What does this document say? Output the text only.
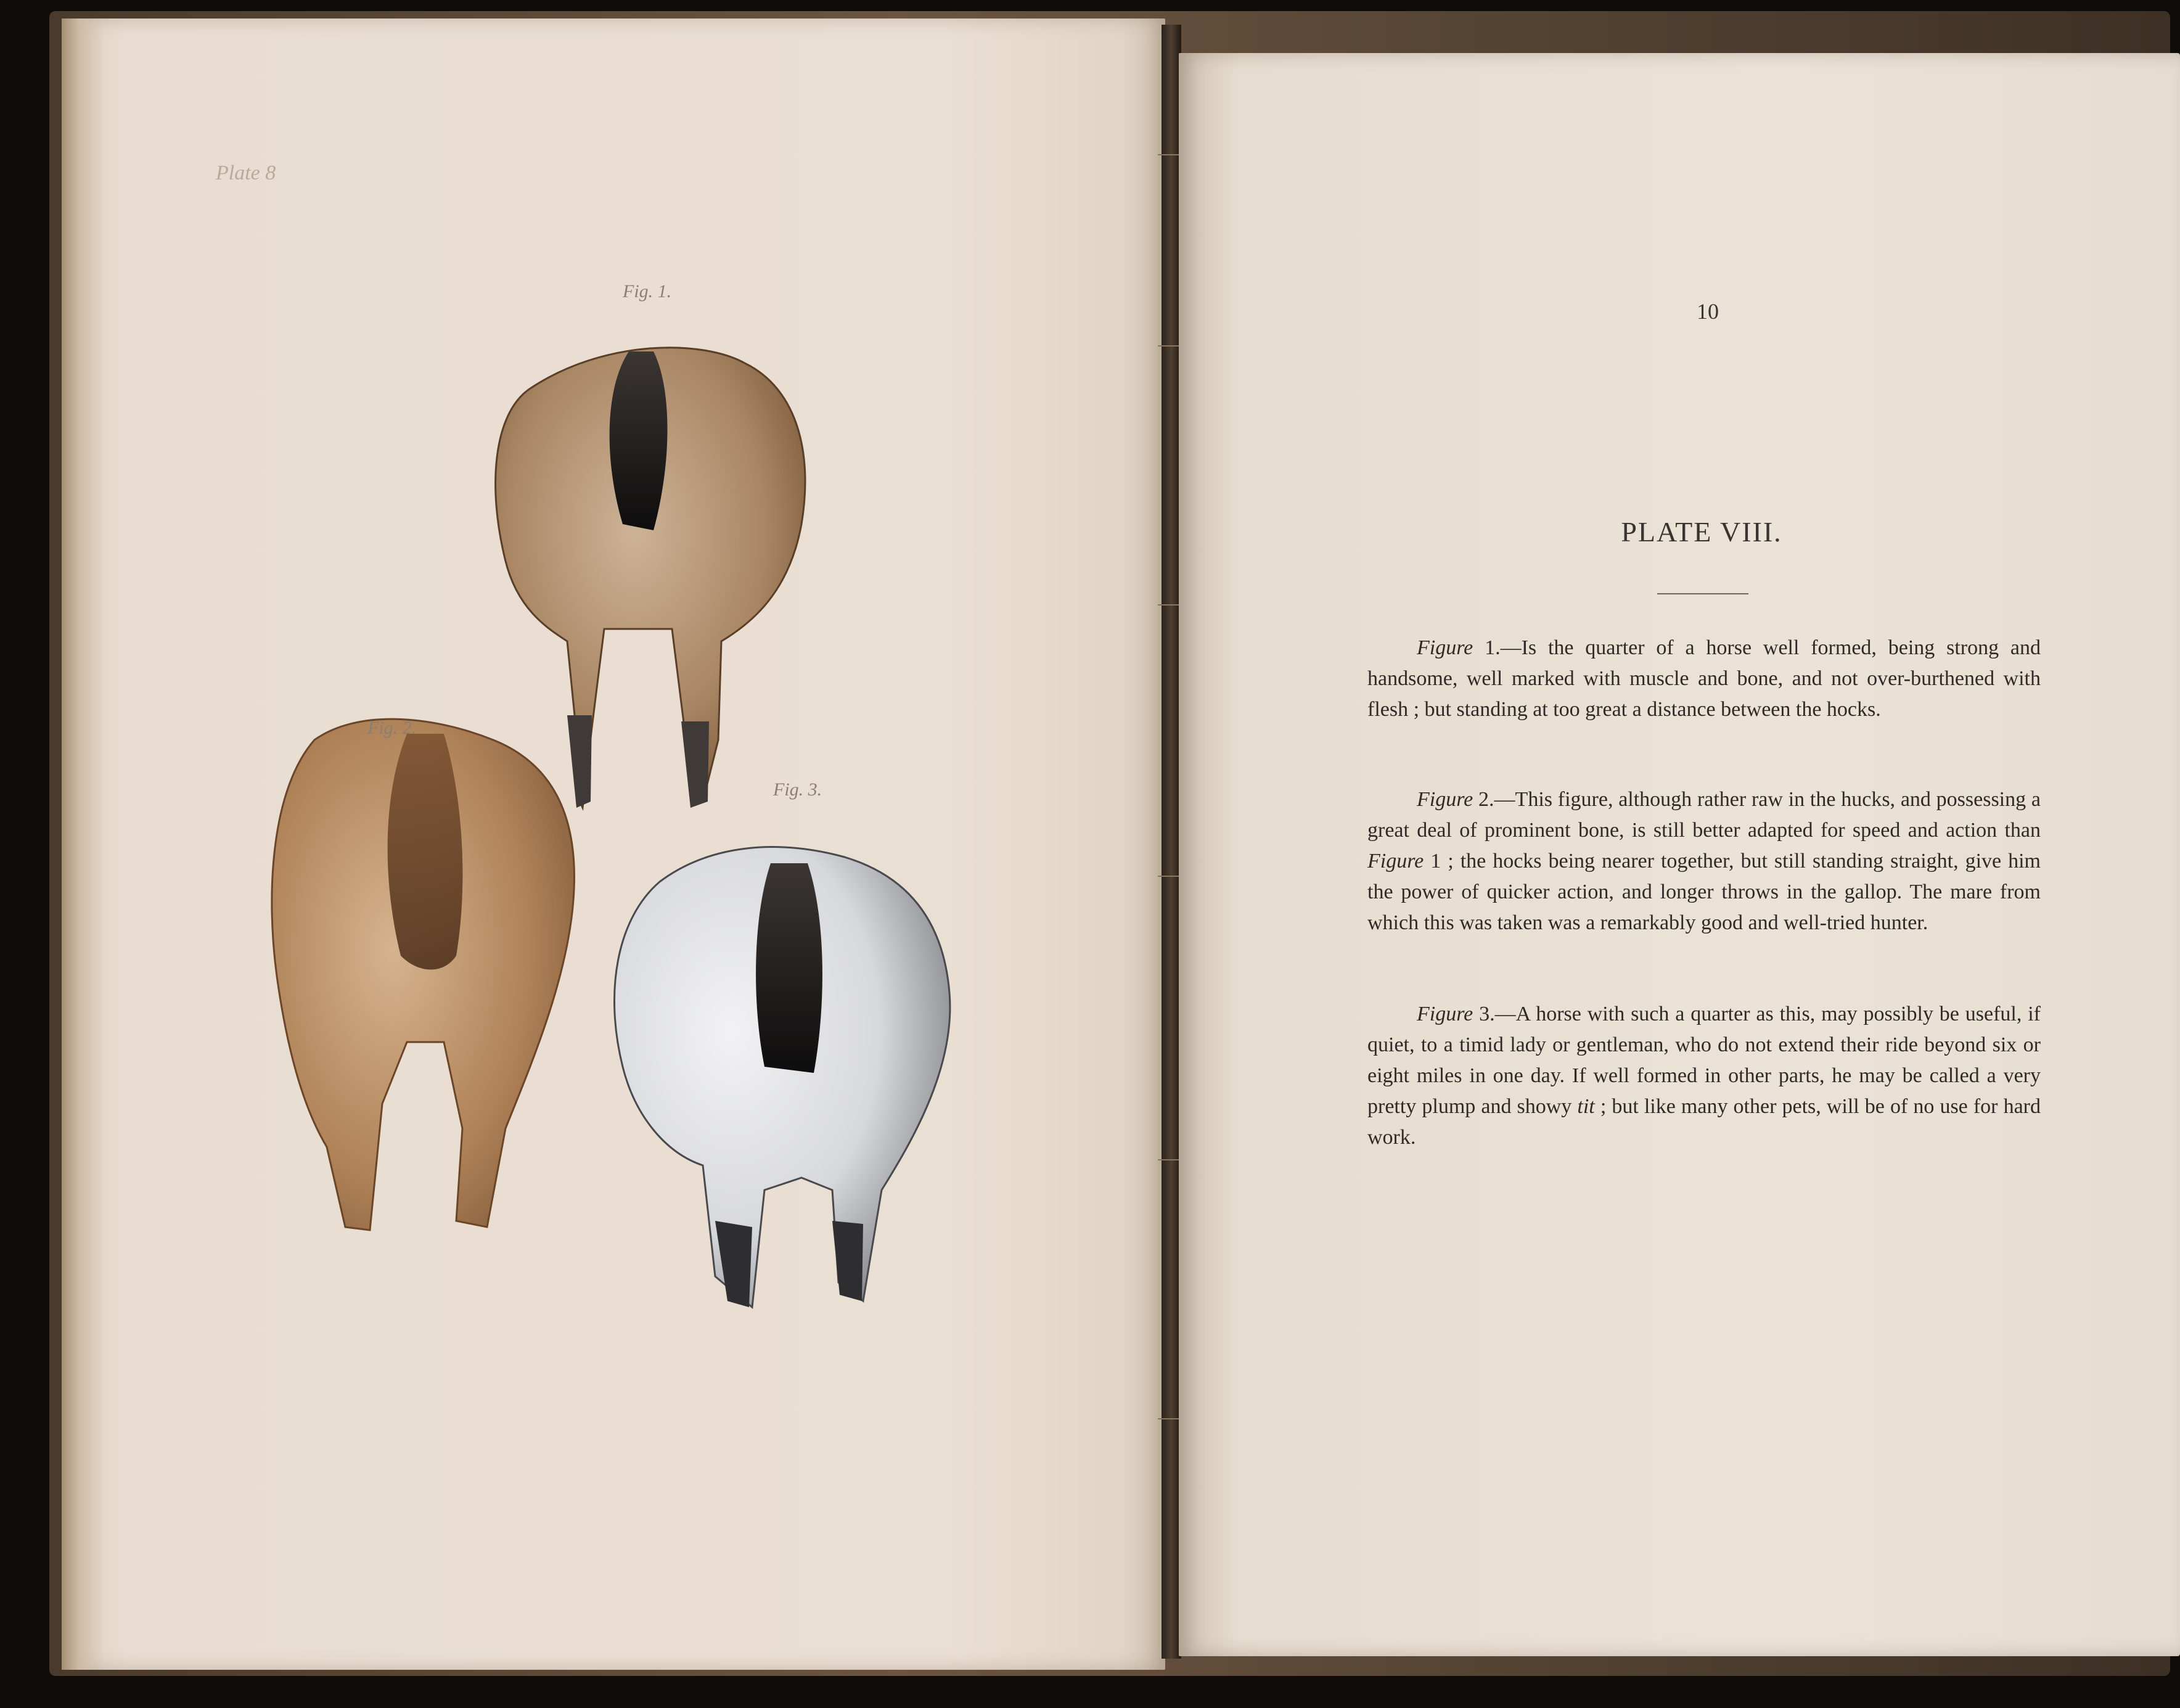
Plate 8
Fig. 1.
Fig. 2.
Fig. 3.
10
PLATE VIII.
Figure 1.—Is the quarter of a horse well formed, being strong and handsome, well marked with muscle and bone, and not over-burthened with flesh ; but standing at too great a distance between the hocks.
Figure 2.—This figure, although rather raw in the hucks, and possessing a great deal of prominent bone, is still better adapted for speed and action than Figure 1 ; the hocks being nearer together, but still standing straight, give him the power of quicker action, and longer throws in the gallop. The mare from which this was taken was a remarkably good and well-tried hunter.
Figure 3.—A horse with such a quarter as this, may possibly be useful, if quiet, to a timid lady or gentleman, who do not extend their ride beyond six or eight miles in one day. If well formed in other parts, he may be called a very pretty plump and showy tit ; but like many other pets, will be of no use for hard work.
